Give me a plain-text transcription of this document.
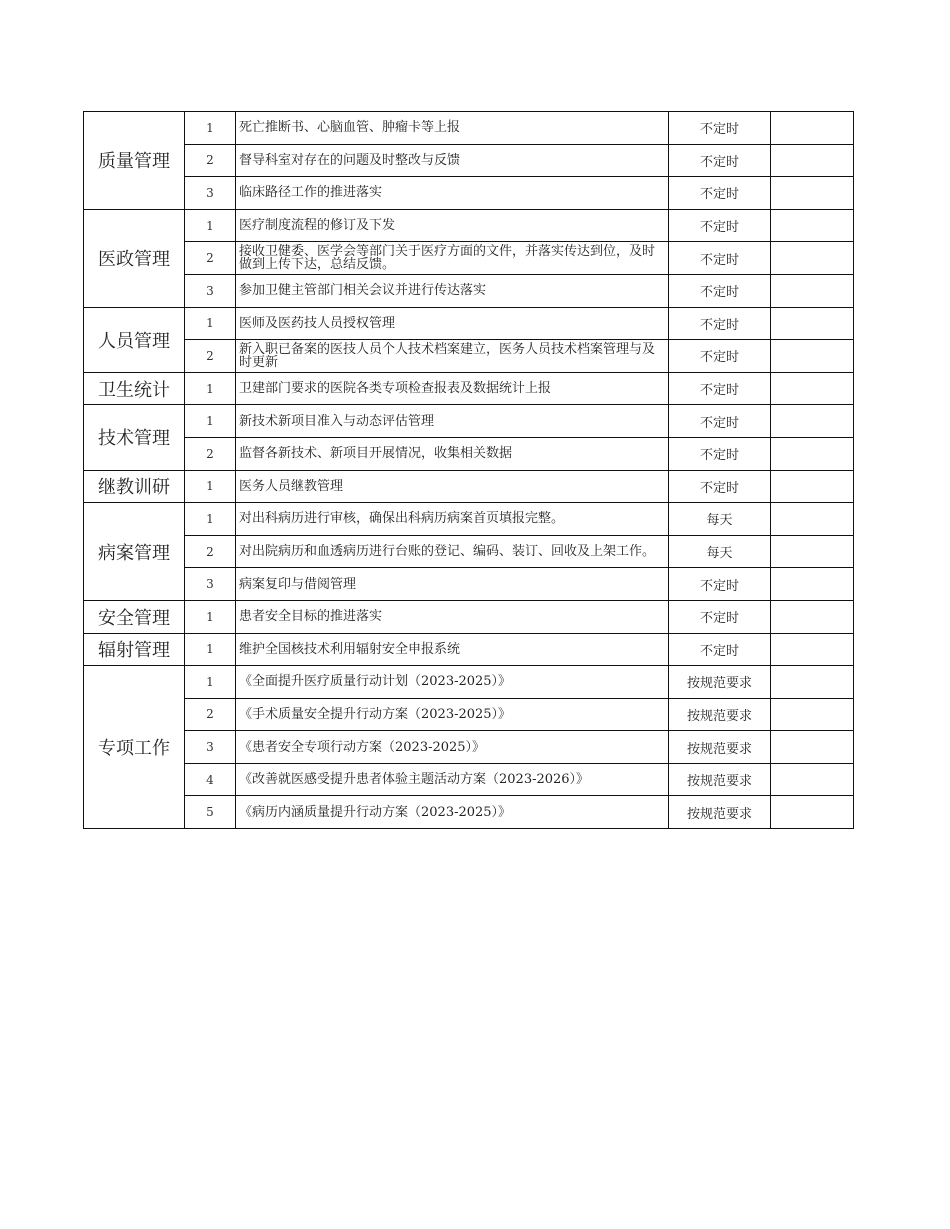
质量管理	1	死亡推断书、心脑血管、肿瘤卡等上报	不定时	
	2	督导科室对存在的问题及时整改与反馈	不定时	
	3	临床路径工作的推进落实	不定时	
医政管理	1	医疗制度流程的修订及下发	不定时	
	2	接收卫健委、医学会等部门关于医疗方面的文件，并落实传达到位，及时做到上传下达，总结反馈。	不定时	
	3	参加卫健主管部门相关会议并进行传达落实	不定时	
人员管理	1	医师及医药技人员授权管理	不定时	
	2	新入职已备案的医技人员个人技术档案建立，医务人员技术档案管理与及时更新	不定时	
卫生统计	1	卫建部门要求的医院各类专项检查报表及数据统计上报	不定时	
技术管理	1	新技术新项目准入与动态评估管理	不定时	
	2	监督各新技术、新项目开展情况，收集相关数据	不定时	
继教训研	1	医务人员继教管理	不定时	
病案管理	1	对出科病历进行审核，确保出科病历病案首页填报完整。	每天	
	2	对出院病历和血透病历进行台账的登记、编码、装订、回收及上架工作。	每天	
	3	病案复印与借阅管理	不定时	
安全管理	1	患者安全目标的推进落实	不定时	
辐射管理	1	维护全国核技术利用辐射安全申报系统	不定时	
专项工作	1	《全面提升医疗质量行动计划（2023-2025）》	按规范要求	
	2	《手术质量安全提升行动方案（2023-2025）》	按规范要求	
	3	《患者安全专项行动方案（2023-2025）》	按规范要求	
	4	《改善就医感受提升患者体验主题活动方案（2023-2026）》	按规范要求	
	5	《病历内涵质量提升行动方案（2023-2025）》	按规范要求	
